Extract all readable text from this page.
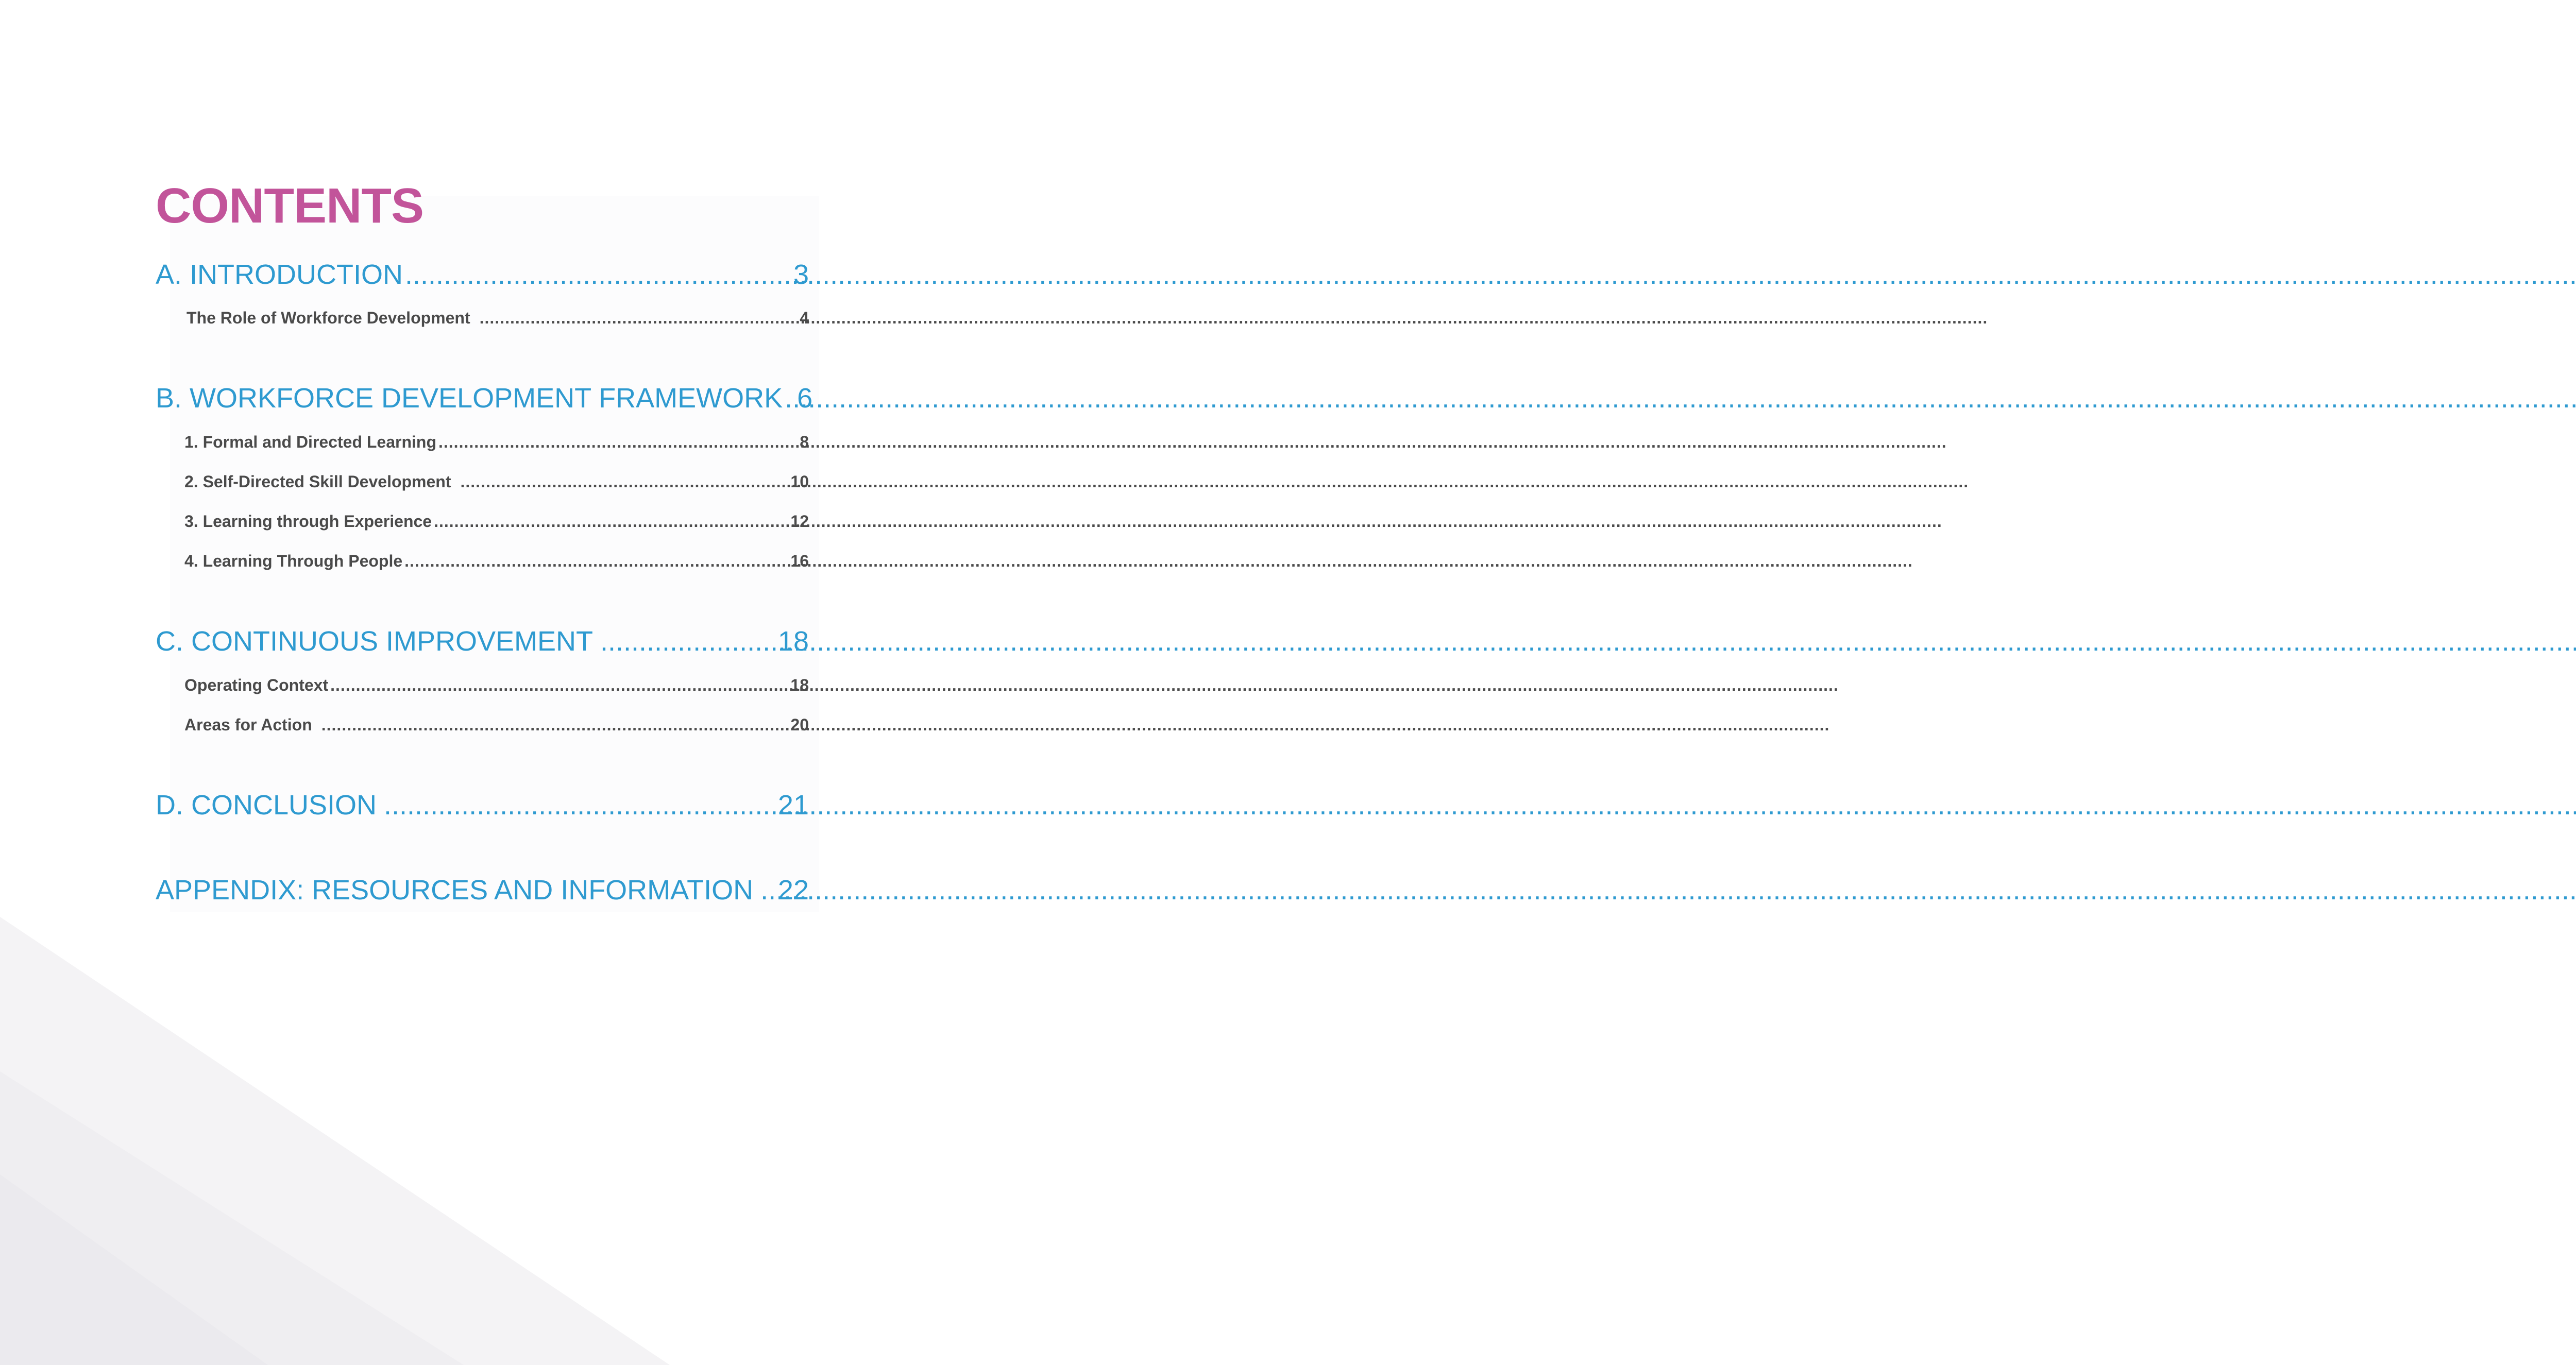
CONTENTS
A. INTRODUCTION .....	3
The Role of Workforce Development .....	4
B. WORKFORCE DEVELOPMENT FRAMEWORK ..... 6
1. Formal and Directed Learning .....	8
2. Self-Directed Skill Development .....	10
3. Learning through Experience .....	12
4. Learning Through People .....	16
C. CONTINUOUS IMPROVEMENT .....	18
Operating Context .....	18
Areas for Action .....	20
D. CONCLUSION .....	21
APPENDIX: RESOURCES AND INFORMATION ..... 22
